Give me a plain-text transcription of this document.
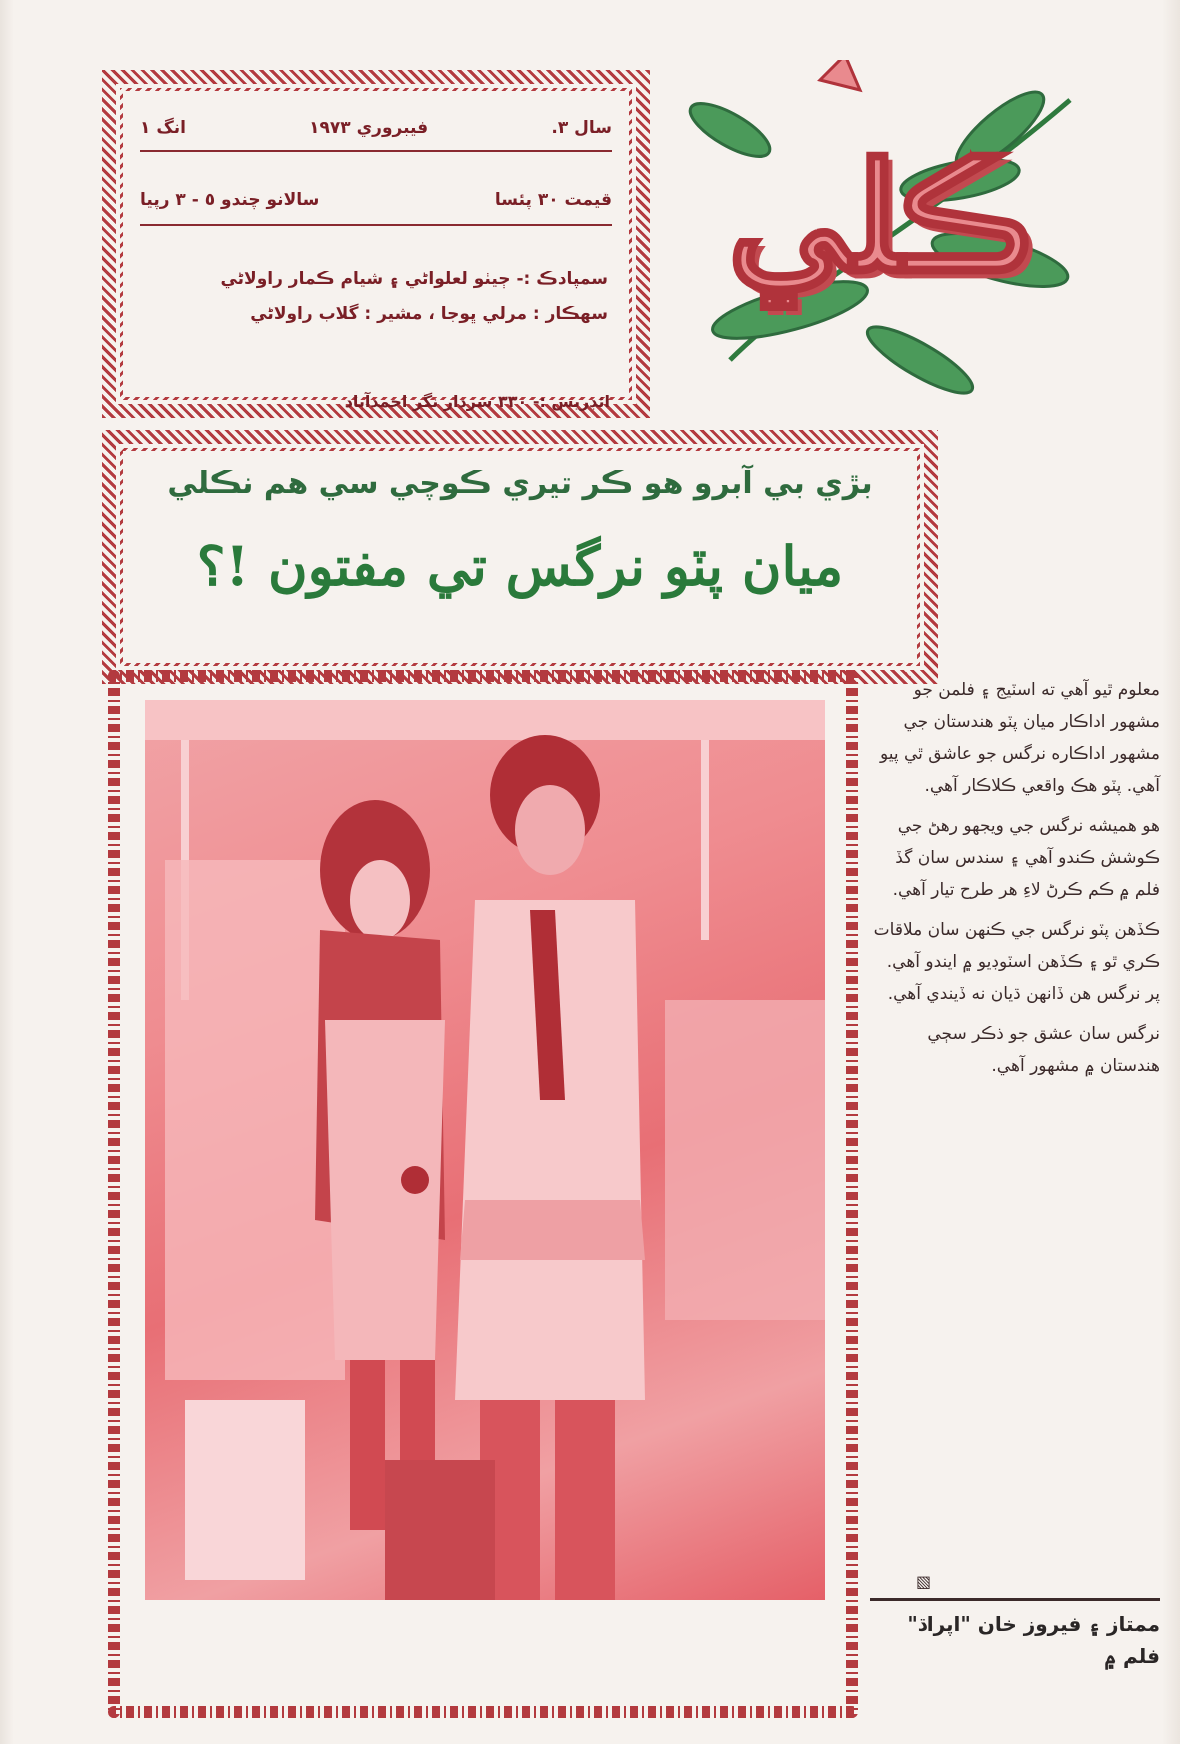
سال ٣.
فيبروري ١٩٧٣
انگ ١
قيمت ٣٠ پئسا
سالانو چندو ٥ - ٣ رپيا
سمپادڪ :- ڄيٺو لعلواڻي ۽ شيام ڪمار راولاڻي
سهڪار : مرلي ڀوجا ، مشير : گلاب راولاڻي
ائڊريس :- ٣٣٠ سردار نگر احمدآباد
ڪلي
بڙي بي آبرو ھو ڪر تيري ڪوچي سي ھم نڪلي
ميان پٽو نرگس تي مفتون !؟

معلوم ٿيو آهي ته اسٽيج ۽ فلمن جو مشهور اداڪار ميان پٽو هندستان جي مشهور اداڪاره نرگس جو عاشق ٿي پيو آهي. پٽو هڪ واقعي ڪلاڪار آهي.

هو هميشه نرگس جي ويجهو رهڻ جي ڪوشش ڪندو آهي ۽ سندس سان گڏ فلم ۾ ڪم ڪرڻ لاءِ هر طرح تيار آهي.

ڪڏهن پٽو نرگس جي ڪنهن سان ملاقات ڪري ٿو ۽ ڪڏهن اسٽوڊيو ۾ ايندو آهي. پر نرگس هن ڏانهن ڌيان نه ڏيندي آهي.

نرگس سان عشق جو ذڪر سڄي هندستان ۾ مشهور آهي.

▧
ممتاز ۽ فيروز خان "اپراڌ" فلم ۾
